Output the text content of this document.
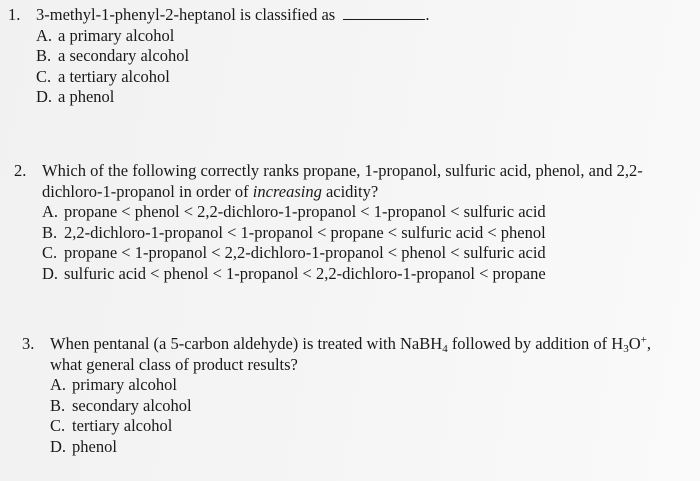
1. 3-methyl-1-phenyl-2-heptanol is classified as	.
A. a primary alcohol
B. a secondary alcohol
C. a tertiary alcohol
D. a phenol
2. Which of the following correctly ranks propane, 1-propanol, sulfuric acid, phenol, and 2,2-
dichloro-1-propanol in order of increasing acidity?
A. propane < phenol < 2,2-dichloro-1-propanol < 1-propanol < sulfuric acid
B. 2,2-dichloro-1-propanol < 1-propanol < propane < sulfuric acid < phenol
C. propane < 1-propanol < 2,2-dichloro-1-propanol < phenol < sulfuric acid
D. sulfuric acid < phenol < 1-propanol < 2,2-dichloro-1-propanol < propane
3. When pentanal (a 5-carbon aldehyde) is treated with NaBH$_4$ followed by addition of $H_3O^+$,
what general class of product results?
A. primary alcohol
B. secondary alcohol
C. tertiary alcohol
D. phenol
